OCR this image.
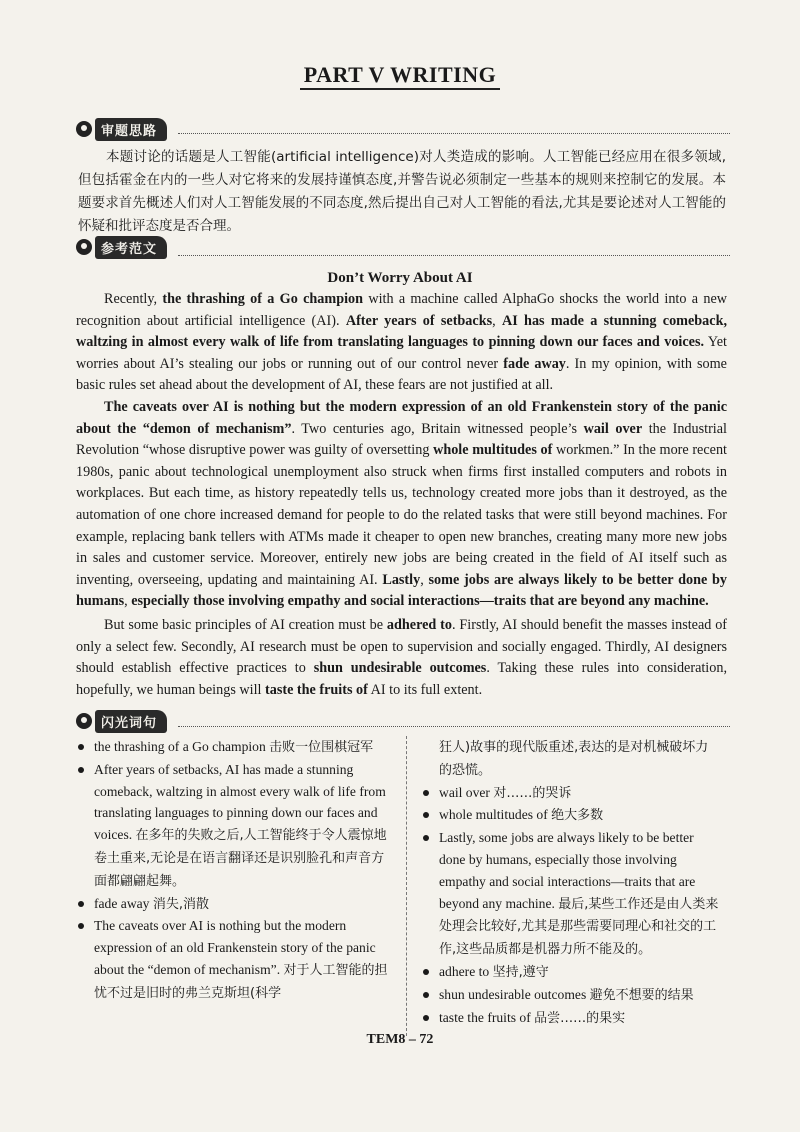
PART V WRITING
审题思路
本题讨论的话题是人工智能(artificial intelligence)对人类造成的影响。人工智能已经应用在很多领域,但包括霍金在内的一些人对它将来的发展持谨慎态度,并警告说必须制定一些基本的规则来控制它的发展。本题要求首先概述人们对人工智能发展的不同态度,然后提出自己对人工智能的看法,尤其是要论述对人工智能的怀疑和批评态度是否合理。
参考范文
Don’t Worry About AI

Recently, the thrashing of a Go champion with a machine called AlphaGo shocks the world into a new recognition about artificial intelligence (AI). After years of setbacks, AI has made a stunning comeback, waltzing in almost every walk of life from translating languages to pinning down our faces and voices. Yet worries about AI’s stealing our jobs or running out of our control never fade away. In my opinion, with some basic rules set ahead about the development of AI, these fears are not justified at all.

The caveats over AI is nothing but the modern expression of an old Frankenstein story of the panic about the “demon of mechanism”. Two centuries ago, Britain witnessed people’s wail over the Industrial Revolution “whose disruptive power was guilty of oversetting whole multitudes of workmen.” In the more recent 1980s, panic about technological unemployment also struck when firms first installed computers and robots in workplaces. But each time, as history repeatedly tells us, technology created more jobs than it destroyed, as the automation of one chore increased demand for people to do the related tasks that were still beyond machines. For example, replacing bank tellers with ATMs made it cheaper to open new branches, creating many more new jobs in sales and customer service. Moreover, entirely new jobs are being created in the field of AI itself such as inventing, overseeing, updating and maintaining AI. Lastly, some jobs are always likely to be better done by humans, especially those involving empathy and social interactions—traits that are beyond any machine.

But some basic principles of AI creation must be adhered to. Firstly, AI should benefit the masses instead of only a select few. Secondly, AI research must be open to supervision and socially engaged. Thirdly, AI designers should establish effective practices to shun undesirable outcomes. Taking these rules into consideration, hopefully, we human beings will taste the fruits of AI to its full extent.

闪光词句
the thrashing of a Go champion 击败一位围棋冠军
After years of setbacks, AI has made a stunning comeback, waltzing in almost every walk of life from translating languages to pinning down our faces and voices. 在多年的失败之后,人工智能终于令人震惊地卷土重来,无论是在语言翻译还是识别脸孔和声音方面都翩翩起舞。
fade away 消失,消散
The caveats over AI is nothing but the modern expression of an old Frankenstein story of the panic about the “demon of mechanism”. 对于人工智能的担忧不过是旧时的弗兰克斯坦(科学
狂人)故事的现代版重述,表达的是对机械破坏力的恐慌。
wail over 对……的哭诉
whole multitudes of 绝大多数
Lastly, some jobs are always likely to be better done by humans, especially those involving empathy and social interactions—traits that are beyond any machine. 最后,某些工作还是由人类来处理会比较好,尤其是那些需要同理心和社交的工作,这些品质都是机器力所不能及的。
adhere to 坚持,遵守
shun undesirable outcomes 避免不想要的结果
taste the fruits of 品尝……的果实
TEM8 – 72
